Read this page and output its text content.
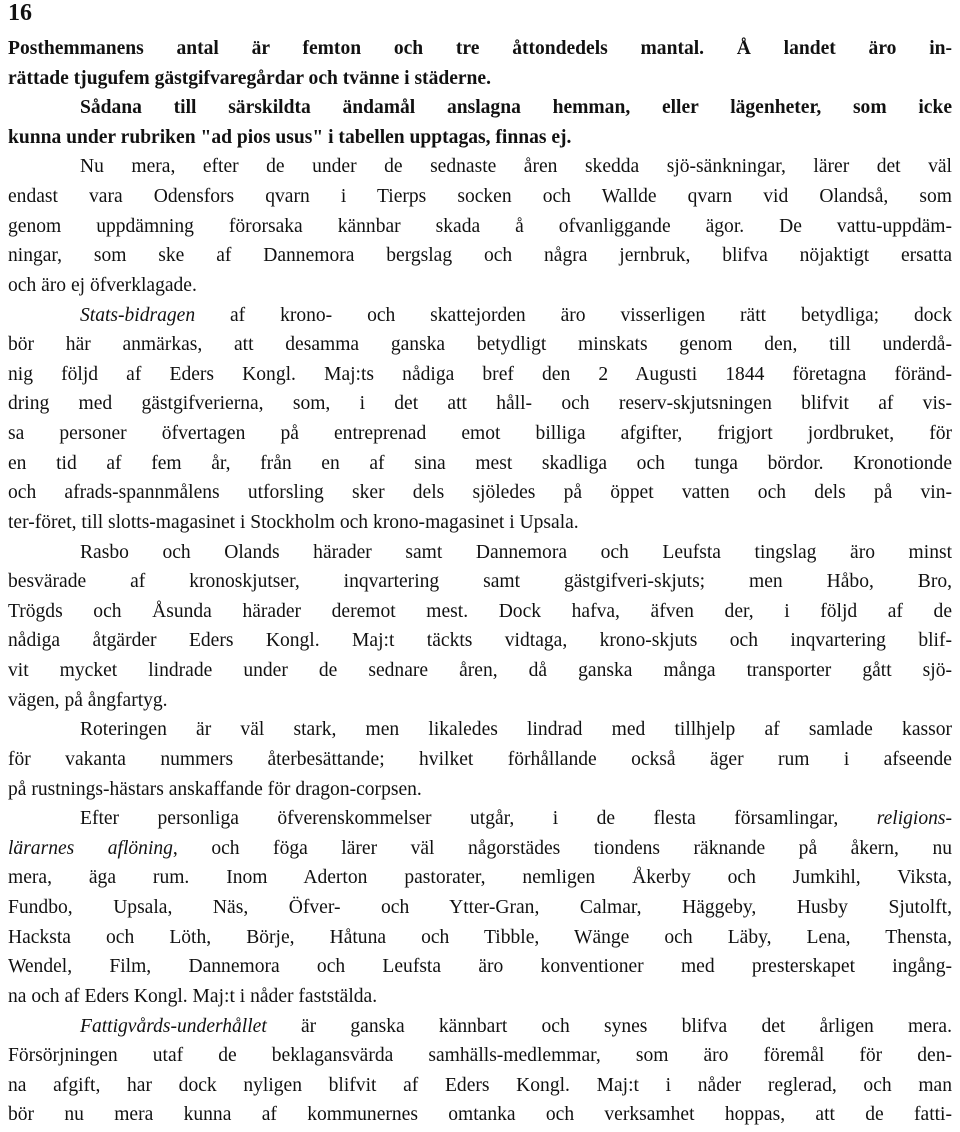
16
Posthemmanens antal är femton och tre åttondedels mantal. Å landet äro in-
rättade tjugufem gästgifvaregårdar och tvänne i städerne.
Sådana till särskildta ändamål anslagna hemman, eller lägenheter, som icke
kunna under rubriken "ad pios usus" i tabellen upptagas, finnas ej.
Nu mera, efter de under de sednaste åren skedda sjö-sänkningar, lärer det väl
endast vara Odensfors qvarn i Tierps socken och Wallde qvarn vid Olandså, som
genom uppdämning förorsaka kännbar skada å ofvanliggande ägor. De vattu-uppdäm-
ningar, som ske af Dannemora bergslag och några jernbruk, blifva nöjaktigt ersatta
och äro ej öfverklagade.
Stats-bidragen af krono- och skattejorden äro visserligen rätt betydliga; dock
bör här anmärkas, att desamma ganska betydligt minskats genom den, till underdå-
nig följd af Eders Kongl. Maj:ts nådiga bref den 2 Augusti 1844 företagna föränd-
dring med gästgifverierna, som, i det att håll- och reserv-skjutsningen blifvit af vis-
sa personer öfvertagen på entreprenad emot billiga afgifter, frigjort jordbruket, för
en tid af fem år, från en af sina mest skadliga och tunga bördor. Kronotionde
och afrads-spannmålens utforsling sker dels sjöledes på öppet vatten och dels på vin-
ter-föret, till slotts-magasinet i Stockholm och krono-magasinet i Upsala.
Rasbo och Olands härader samt Dannemora och Leufsta tingslag äro minst
besvärade af kronoskjutser, inqvartering samt gästgifveri-skjuts; men Håbo, Bro,
Trögds och Åsunda härader deremot mest. Dock hafva, äfven der, i följd af de
nådiga åtgärder Eders Kongl. Maj:t täckts vidtaga, krono-skjuts och inqvartering blif-
vit mycket lindrade under de sednare åren, då ganska många transporter gått sjö-
vägen, på ångfartyg.
Roteringen är väl stark, men likaledes lindrad med tillhjelp af samlade kassor
för vakanta nummers återbesättande; hvilket förhållande också äger rum i afseende
på rustnings-hästars anskaffande för dragon-corpsen.
Efter personliga öfverenskommelser utgår, i de flesta församlingar, religions-
lärarnes aflöning, och föga lärer väl någorstädes tiondens räknande på åkern, nu
mera, äga rum. Inom Aderton pastorater, nemligen Åkerby och Jumkihl, Viksta,
Fundbo, Upsala, Näs, Öfver- och Ytter-Gran, Calmar, Häggeby, Husby Sjutolft,
Hacksta och Löth, Börje, Håtuna och Tibble, Wänge och Läby, Lena, Thensta,
Wendel, Film, Dannemora och Leufsta äro konventioner med presterskapet ingång-
na och af Eders Kongl. Maj:t i nåder faststälda.
Fattigvårds-underhållet är ganska kännbart och synes blifva det årligen mera.
Försörjningen utaf de beklagansvärda samhälls-medlemmar, som äro föremål för den-
na afgift, har dock nyligen blifvit af Eders Kongl. Maj:t i nåder reglerad, och man
bör nu mera kunna af kommunernes omtanka och verksamhet hoppas, att de fatti-
